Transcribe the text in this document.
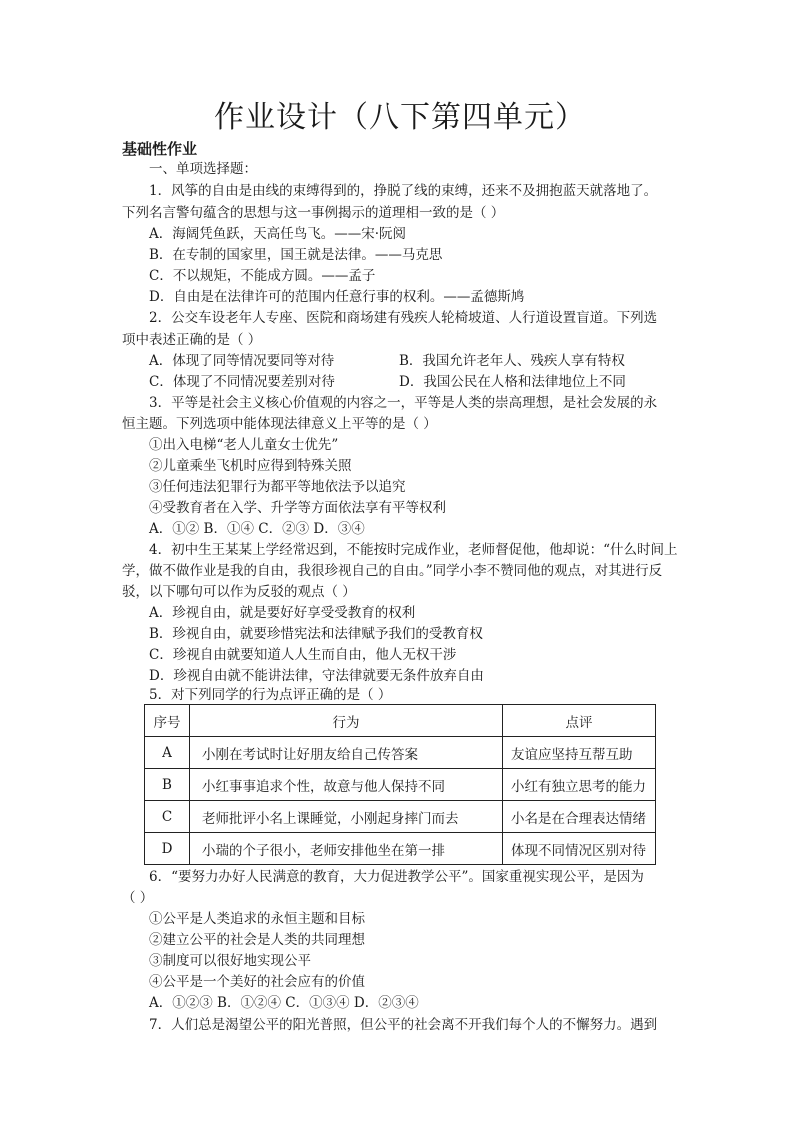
作业设计（八下第四单元）
基础性作业
一、单项选择题：
1．风筝的自由是由线的束缚得到的，挣脱了线的束缚，还来不及拥抱蓝天就落地了。
下列名言警句蕴含的思想与这一事例揭示的道理相一致的是（ ）
A．海阔凭鱼跃，天高任鸟飞。——宋·阮阅
B．在专制的国家里，国王就是法律。——马克思
C．不以规矩，不能成方圆。——孟子
D．自由是在法律许可的范围内任意行事的权利。——孟德斯鸠
2．公交车设老年人专座、医院和商场建有残疾人轮椅坡道、人行道设置盲道。下列选
项中表述正确的是（ ）
A．体现了同等情况要同等对待	B．我国允许老年人、残疾人享有特权
C．体现了不同情况要差别对待	D．我国公民在人格和法律地位上不同
3．平等是社会主义核心价值观的内容之一，平等是人类的崇高理想，是社会发展的永
恒主题。下列选项中能体现法律意义上平等的是（ ）
①出入电梯“老人儿童女士优先”
②儿童乘坐飞机时应得到特殊关照
③任何违法犯罪行为都平等地依法予以追究
④受教育者在入学、升学等方面依法享有平等权利
A．①② B．①④ C．②③ D．③④
4．初中生王某某上学经常迟到，不能按时完成作业，老师督促他，他却说：“什么时间上
学，做不做作业是我的自由，我很珍视自己的自由。”同学小李不赞同他的观点，对其进行反
驳，以下哪句可以作为反驳的观点（ ）
A．珍视自由，就是要好好享受受教育的权利
B．珍视自由，就要珍惜宪法和法律赋予我们的受教育权
C．珍视自由就要知道人人生而自由，他人无权干涉
D．珍视自由就不能讲法律，守法律就要无条件放弃自由
5．对下列同学的行为点评正确的是（ ）
序号	行为	点评
A	小刚在考试时让好朋友给自己传答案	友谊应坚持互帮互助
B	小红事事追求个性，故意与他人保持不同	小红有独立思考的能力
C	老师批评小名上课睡觉，小刚起身摔门而去	小名是在合理表达情绪
D	小瑞的个子很小，老师安排他坐在第一排	体现不同情况区别对待
6．“要努力办好人民满意的教育，大力促进教学公平”。国家重视实现公平，是因为
（ ）
①公平是人类追求的永恒主题和目标
②建立公平的社会是人类的共同理想
③制度可以很好地实现公平
④公平是一个美好的社会应有的价值
A．①②③ B．①②④ C．①③④ D．②③④
7．人们总是渴望公平的阳光普照，但公平的社会离不开我们每个人的不懈努力。遇到
